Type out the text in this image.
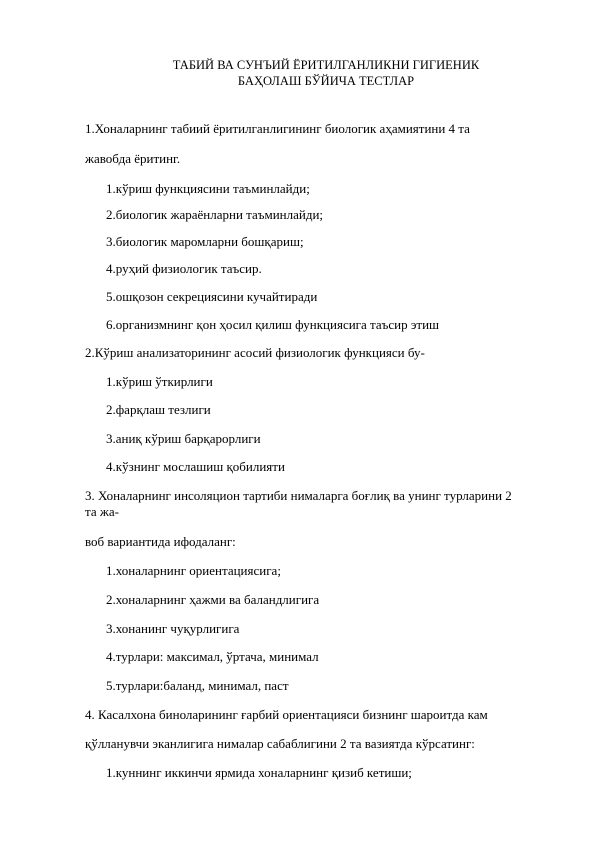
ТАБИЙ ВА СУНЪИЙ ЁРИТИЛГАНЛИКНИ ГИГИЕНИК
БАҲОЛАШ БЎЙИЧА ТЕСТЛАР
1.Хоналарнинг табиий ёритилганлигининг биологик аҳамиятини 4 та
жавобда ёритинг.
1.кўриш функциясини таъминлайди;
2.биологик жараёнларни таъминлайди;
3.биологик маромларни бошқариш;
4.руҳий физиологик таъсир.
5.ошқозон секрециясини кучайтиради
6.организмнинг қон ҳосил қилиш функциясига таъсир этиш
2.Кўриш анализаторининг асосий физиологик функцияси бу-
1.кўриш ўткирлиги
2.фарқлаш тезлиги
3.аниқ кўриш барқарорлиги
4.кўзнинг мослашиш қобилияти
3. Хоналарнинг инсоляцион тартиби нималарга боғлиқ ва унинг турларини 2
та жа-
воб вариантида ифодаланг:
1.хоналарнинг ориентациясига;
2.хоналарнинг ҳажми ва баландлигига
3.хонанинг чуқурлигига
4.турлари: максимал, ўртача, минимал
5.турлари:баланд, минимал, паст
4. Касалхона биноларининг ғарбий ориентацияси бизнинг шароитда кам
қўлланувчи эканлигига нималар сабаблигини 2 та вазиятда кўрсатинг:
1.куннинг иккинчи ярмида хоналарнинг қизиб кетиши;
